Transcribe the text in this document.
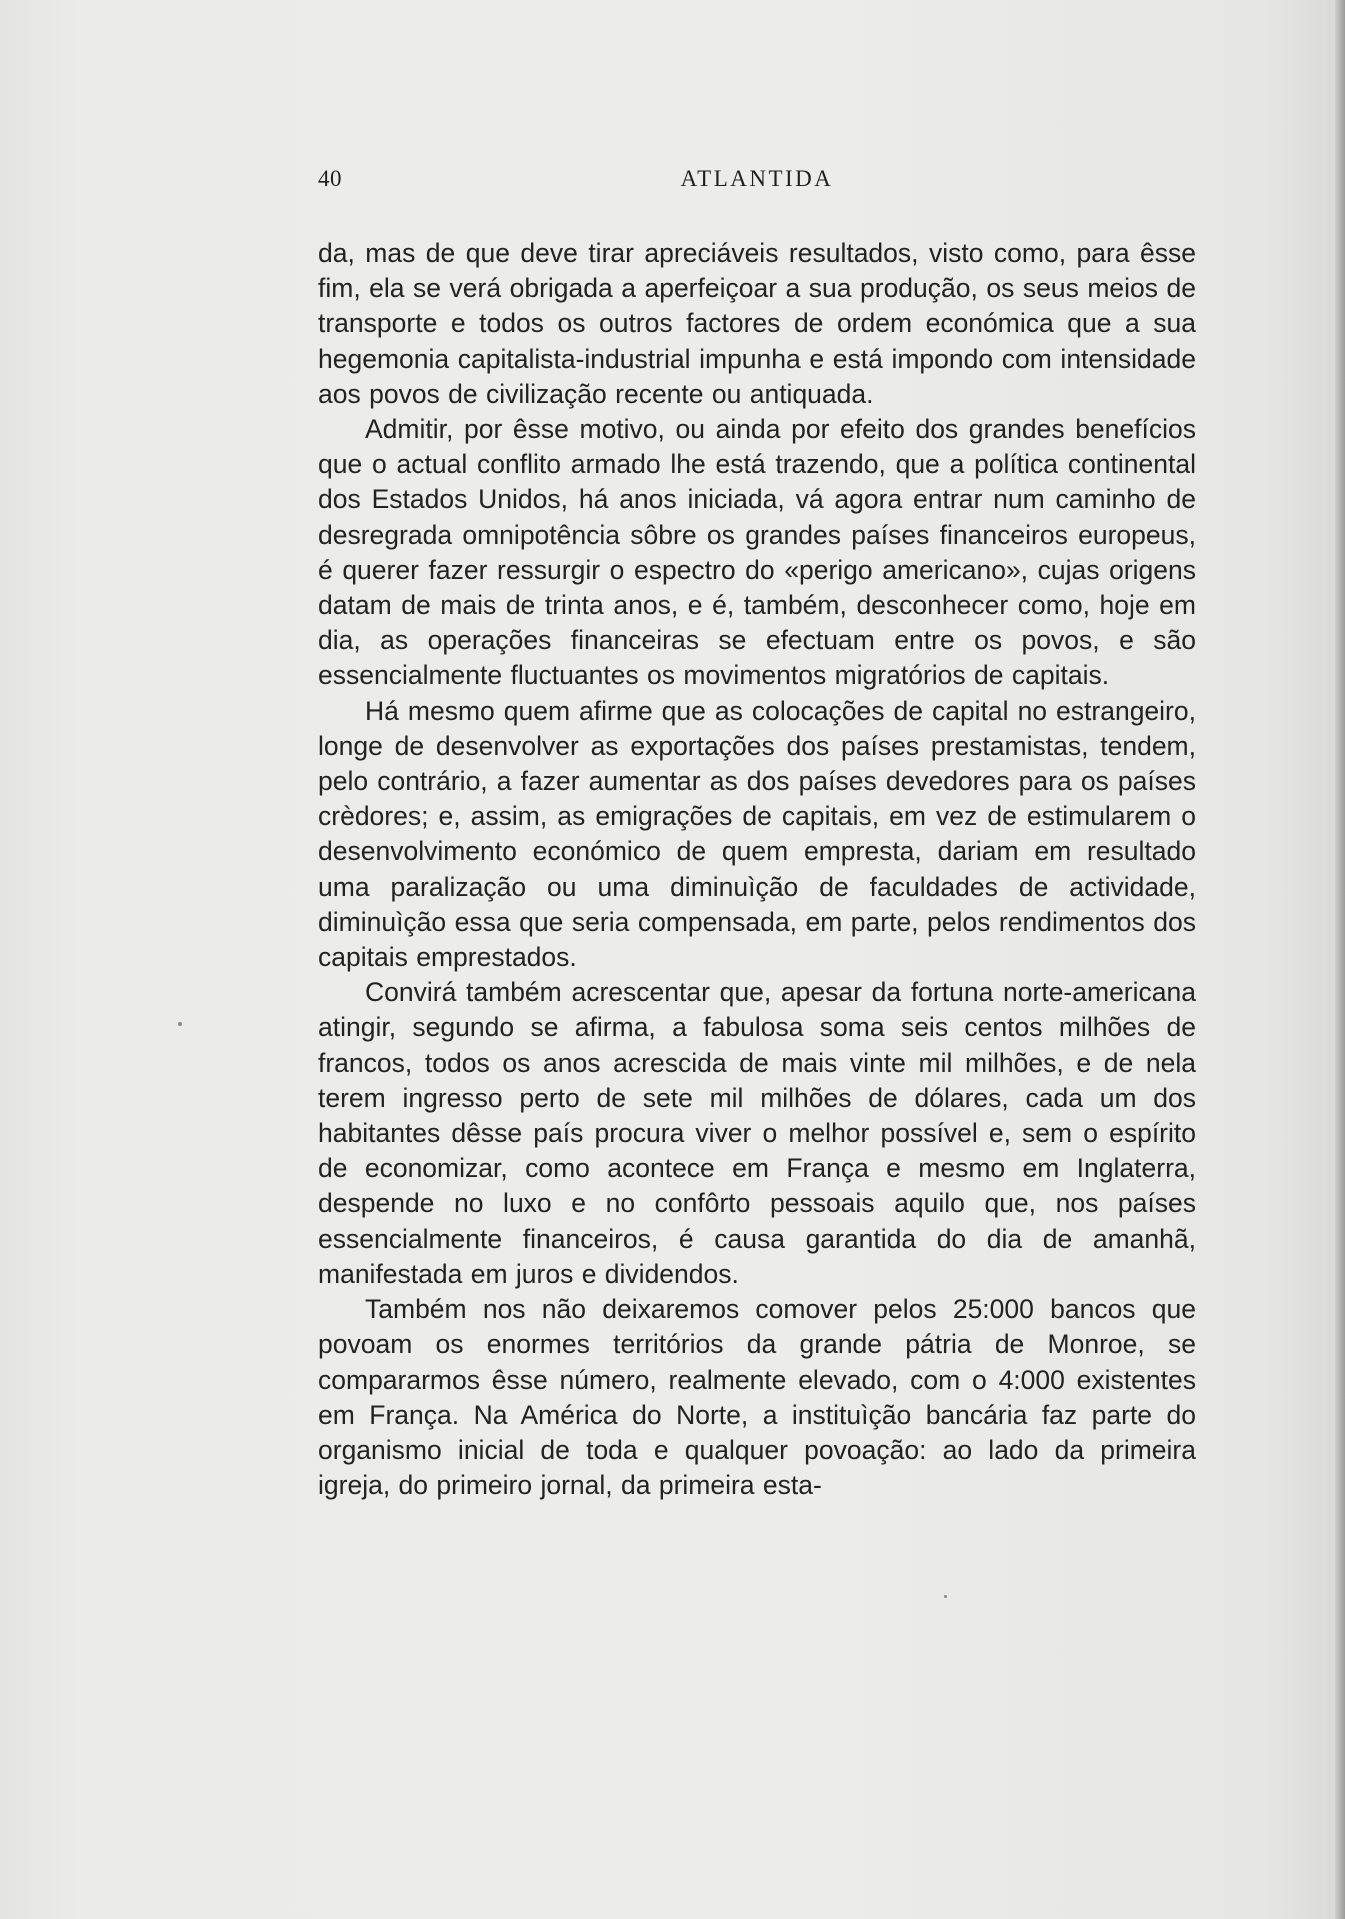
40	ATLANTIDA

da, mas de que deve tirar apreciáveis resultados, visto como, para êsse fim, ela se verá obrigada a aperfeiçoar a sua produção, os seus meios de transporte e todos os outros factores de ordem económica que a sua hegemonia capitalista-industrial impunha e está impondo com intensidade aos povos de civilização recente ou antiquada.

Admitir, por êsse motivo, ou ainda por efeito dos grandes benefícios que o actual conflito armado lhe está trazendo, que a política continental dos Estados Unidos, há anos iniciada, vá agora entrar num caminho de desregrada omnipotência sôbre os grandes países financeiros europeus, é querer fazer ressurgir o espectro do «perigo americano», cujas origens datam de mais de trinta anos, e é, também, desconhecer como, hoje em dia, as operações financeiras se efectuam entre os povos, e são essencialmente fluctuantes os movimentos migratórios de capitais.

Há mesmo quem afirme que as colocações de capital no estrangeiro, longe de desenvolver as exportações dos países prestamistas, tendem, pelo contrário, a fazer aumentar as dos países devedores para os países crèdores; e, assim, as emigrações de capitais, em vez de estimularem o desenvolvimento económico de quem empresta, dariam em resultado uma paralização ou uma diminuìção de faculdades de actividade, diminuìção essa que seria compensada, em parte, pelos rendimentos dos capitais emprestados.

Convirá também acrescentar que, apesar da fortuna norte-americana atingir, segundo se afirma, a fabulosa soma seis centos milhões de francos, todos os anos acrescida de mais vinte mil milhões, e de nela terem ingresso perto de sete mil milhões de dólares, cada um dos habitantes dêsse país procura viver o melhor possível e, sem o espírito de economizar, como acontece em França e mesmo em Inglaterra, despende no luxo e no confôrto pessoais aquilo que, nos países essencialmente financeiros, é causa garantida do dia de amanhã, manifestada em juros e dividendos.

Também nos não deixaremos comover pelos 25:000 bancos que povoam os enormes territórios da grande pátria de Monroe, se compararmos êsse número, realmente elevado, com o 4:000 existentes em França. Na América do Norte, a instituìção bancária faz parte do organismo inicial de toda e qualquer povoação: ao lado da primeira igreja, do primeiro jornal, da primeira esta-
